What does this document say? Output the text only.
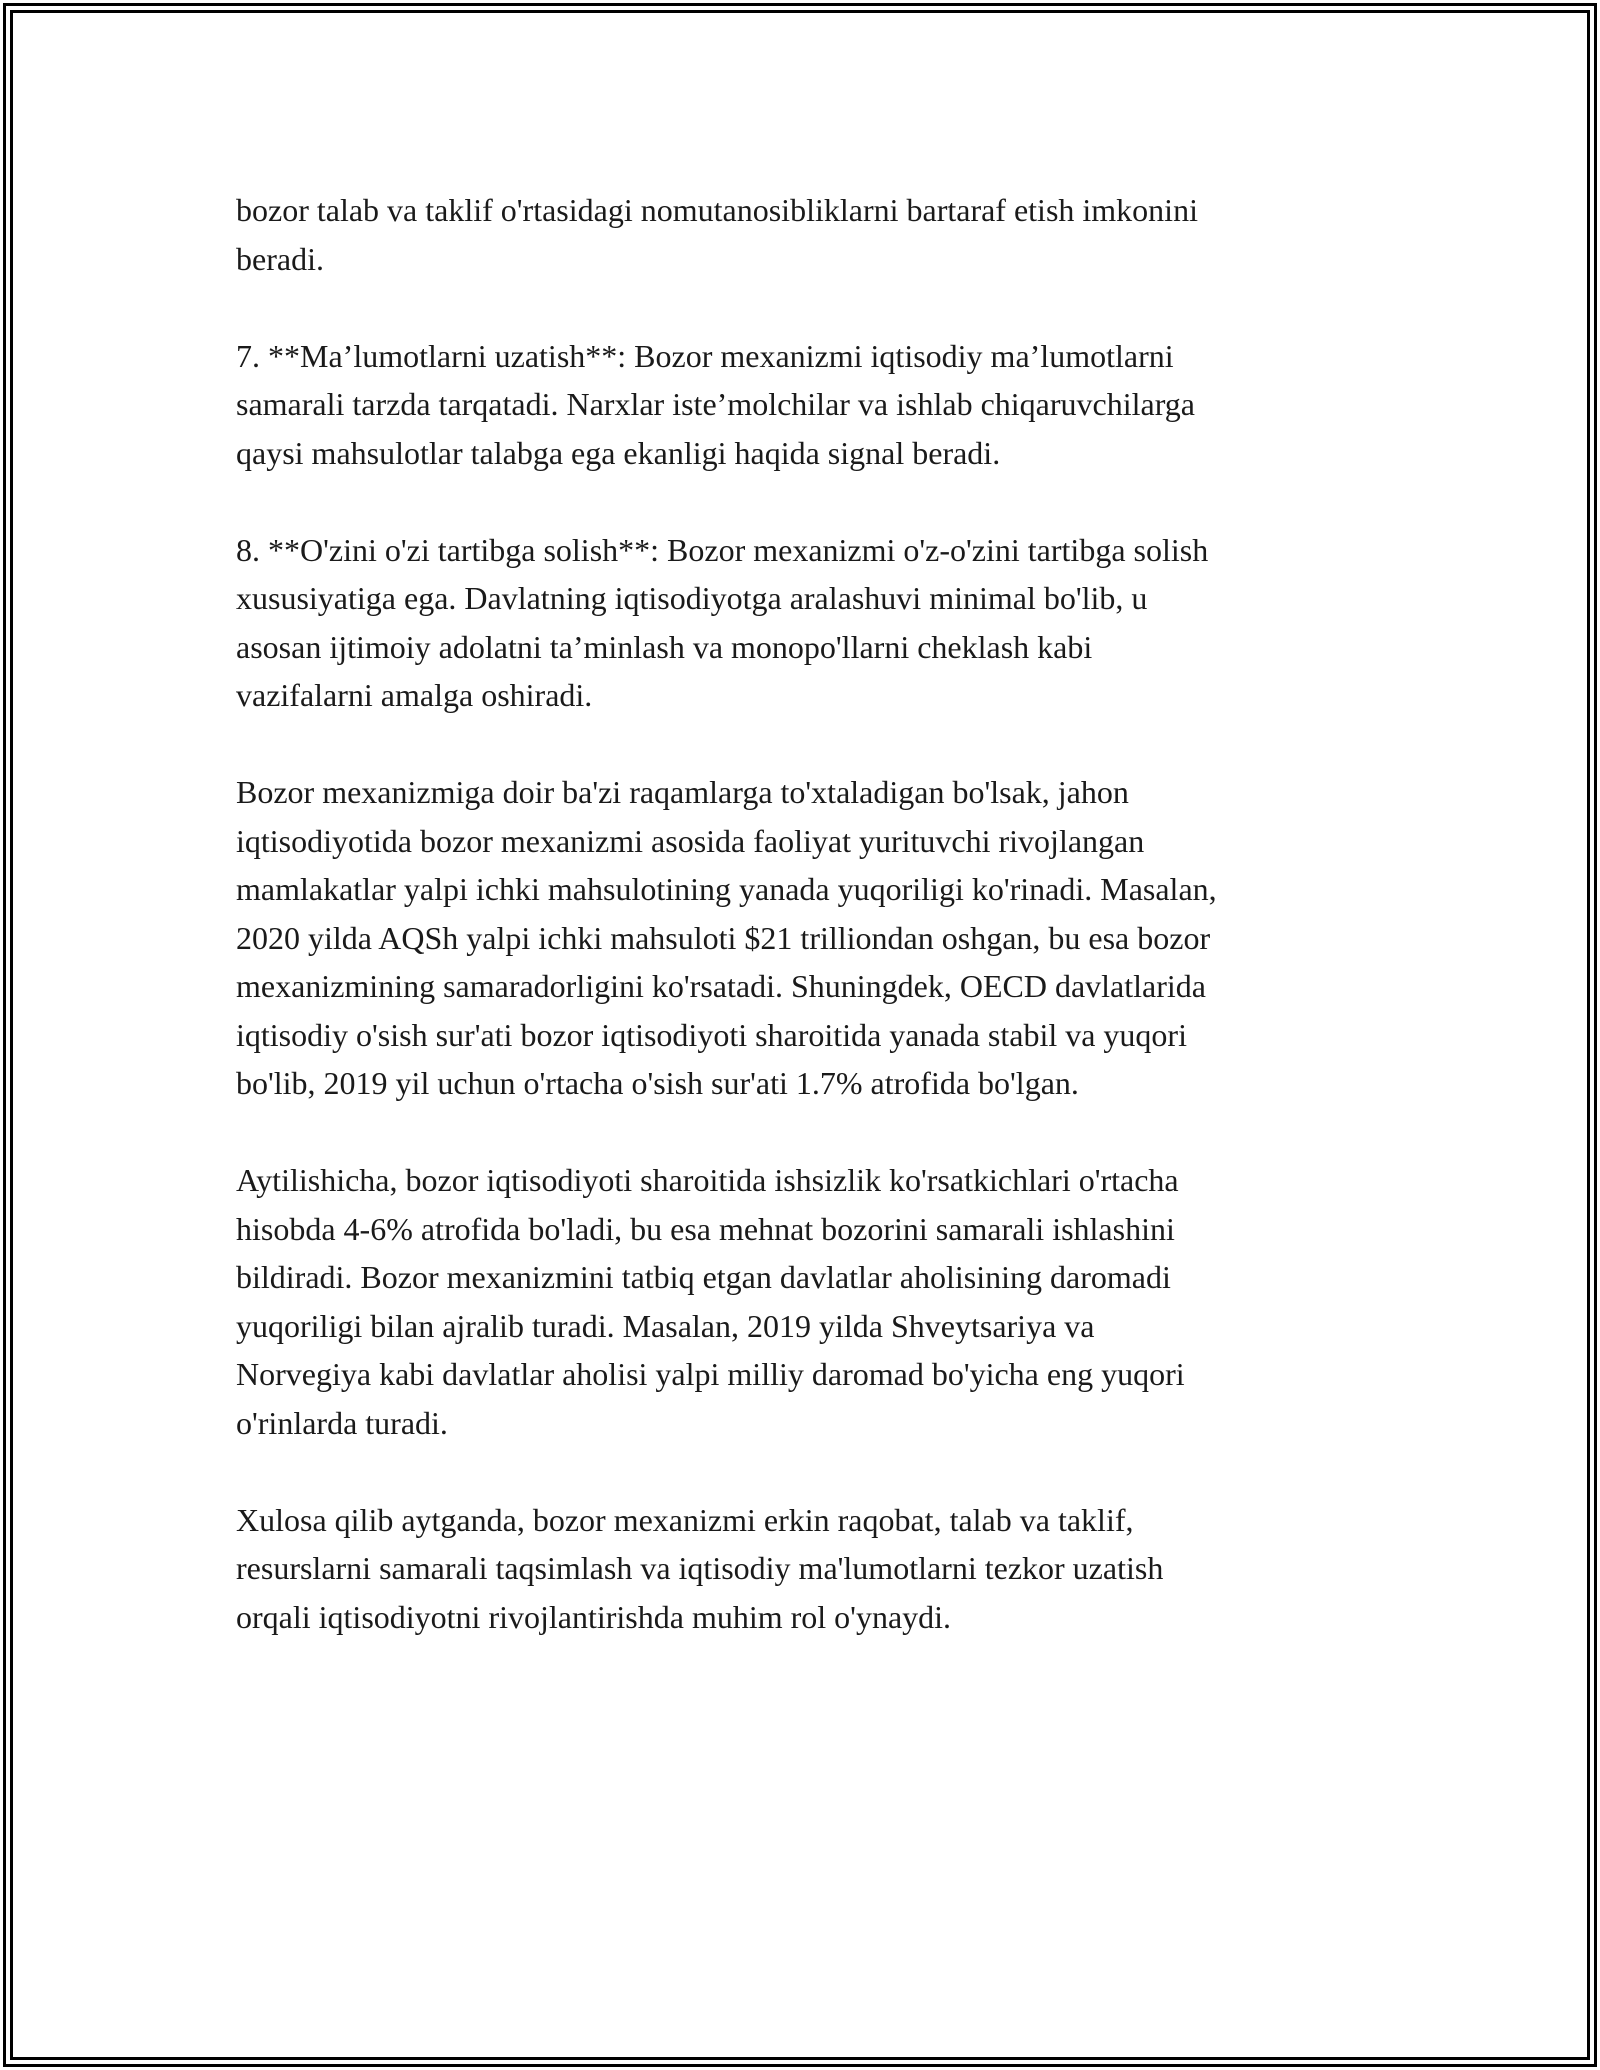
bozor talab va taklif o'rtasidagi nomutanosibliklarni bartaraf etish imkonini
beradi.

7. **Ma’lumotlarni uzatish**: Bozor mexanizmi iqtisodiy ma’lumotlarni
samarali tarzda tarqatadi. Narxlar iste’molchilar va ishlab chiqaruvchilarga
qaysi mahsulotlar talabga ega ekanligi haqida signal beradi.

8. **O'zini o'zi tartibga solish**: Bozor mexanizmi o'z-o'zini tartibga solish
xususiyatiga ega. Davlatning iqtisodiyotga aralashuvi minimal bo'lib, u
asosan ijtimoiy adolatni ta’minlash va monopo'llarni cheklash kabi
vazifalarni amalga oshiradi.

Bozor mexanizmiga doir ba'zi raqamlarga to'xtaladigan bo'lsak, jahon
iqtisodiyotida bozor mexanizmi asosida faoliyat yurituvchi rivojlangan
mamlakatlar yalpi ichki mahsulotining yanada yuqoriligi ko'rinadi. Masalan,
2020 yilda AQSh yalpi ichki mahsuloti $21 trilliondan oshgan, bu esa bozor
mexanizmining samaradorligini ko'rsatadi. Shuningdek, OECD davlatlarida
iqtisodiy o'sish sur'ati bozor iqtisodiyoti sharoitida yanada stabil va yuqori
bo'lib, 2019 yil uchun o'rtacha o'sish sur'ati 1.7% atrofida bo'lgan.

Aytilishicha, bozor iqtisodiyoti sharoitida ishsizlik ko'rsatkichlari o'rtacha
hisobda 4-6% atrofida bo'ladi, bu esa mehnat bozorini samarali ishlashini
bildiradi. Bozor mexanizmini tatbiq etgan davlatlar aholisining daromadi
yuqoriligi bilan ajralib turadi. Masalan, 2019 yilda Shveytsariya va
Norvegiya kabi davlatlar aholisi yalpi milliy daromad bo'yicha eng yuqori
o'rinlarda turadi.

Xulosa qilib aytganda, bozor mexanizmi erkin raqobat, talab va taklif,
resurslarni samarali taqsimlash va iqtisodiy ma'lumotlarni tezkor uzatish
orqali iqtisodiyotni rivojlantirishda muhim rol o'ynaydi.
